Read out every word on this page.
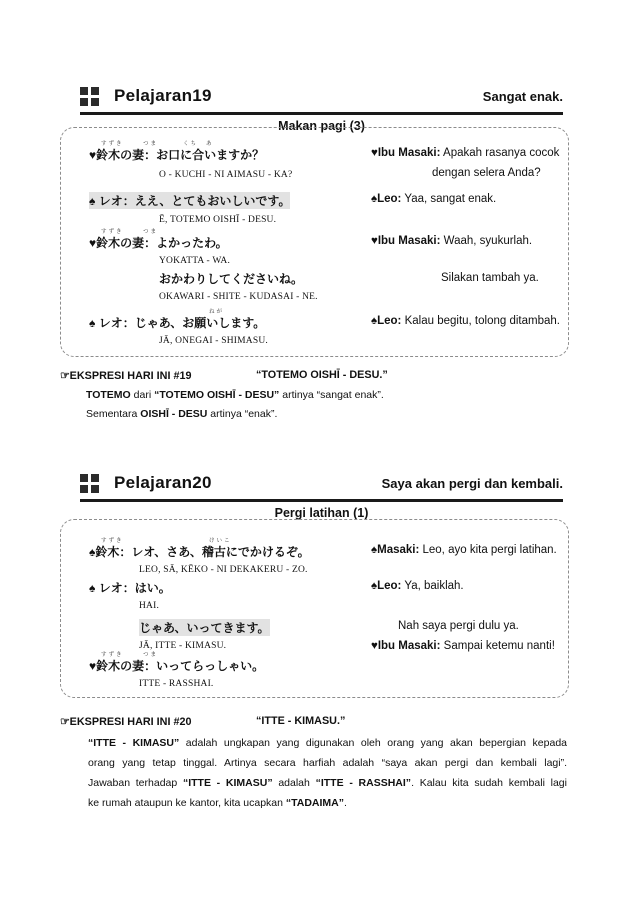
Pelajaran19	Sangat enak.
Makan pagi (3)
すずき	つま	くち あ
♥鈴木の妻：お口に合いますか？
O - KUCHI - NI AIMASU - KA?
♥Ibu Masaki: Apakah rasanya cocok
dengan selera Anda?
♠ レオ：ええ、とてもおいしいです。
Ē, TOTEMO OISHĪ - DESU.
♠Leo: Yaa, sangat enak.
すずき	つま
♥鈴木の妻：よかったわ。
YOKATTA - WA.
♥Ibu Masaki: Waah, syukurlah.
おかわりしてくださいね。
OKAWARI - SHITE - KUDASAI - NE.
Silakan tambah ya.
ねが
♠ レオ：じゃあ、お願いします。
JĀ, ONEGAI - SHIMASU.
♠Leo: Kalau begitu, tolong ditambah.
☞EKSPRESI HARI INI #19	“TOTEMO OISHĪ - DESU.”
TOTEMO dari “TOTEMO OISHĪ - DESU” artinya “sangat enak”.
Sementara OISHĪ - DESU artinya “enak”.
Pelajaran20	Saya akan pergi dan kembali.
Pergi latihan (1)
すずき	けいこ
♠鈴木：レオ、さあ、稽古にでかけるぞ。
LEO, SĀ, KĒKO - NI DEKAKERU - ZO.
♠Masaki: Leo, ayo kita pergi latihan.
♠ レオ：はい。
HAI.
♠Leo: Ya, baiklah.
じゃあ、いってきます。
JĀ, ITTE - KIMASU.
Nah saya pergi dulu ya.
♥Ibu Masaki: Sampai ketemu nanti!
すずき	つま
♥鈴木の妻：いってらっしゃい。
ITTE - RASSHAI.
☞EKSPRESI HARI INI #20	“ITTE - KIMASU.”
“ITTE - KIMASU” adalah ungkapan yang digunakan oleh orang yang akan bepergian kepada
orang yang tetap tinggal. Artinya secara harfiah adalah “saya akan pergi dan kembali lagi”.
Jawaban terhadap “ITTE - KIMASU” adalah “ITTE - RASSHAI”. Kalau kita sudah kembali lagi
ke rumah ataupun ke kantor, kita ucapkan “TADAIMA”.
